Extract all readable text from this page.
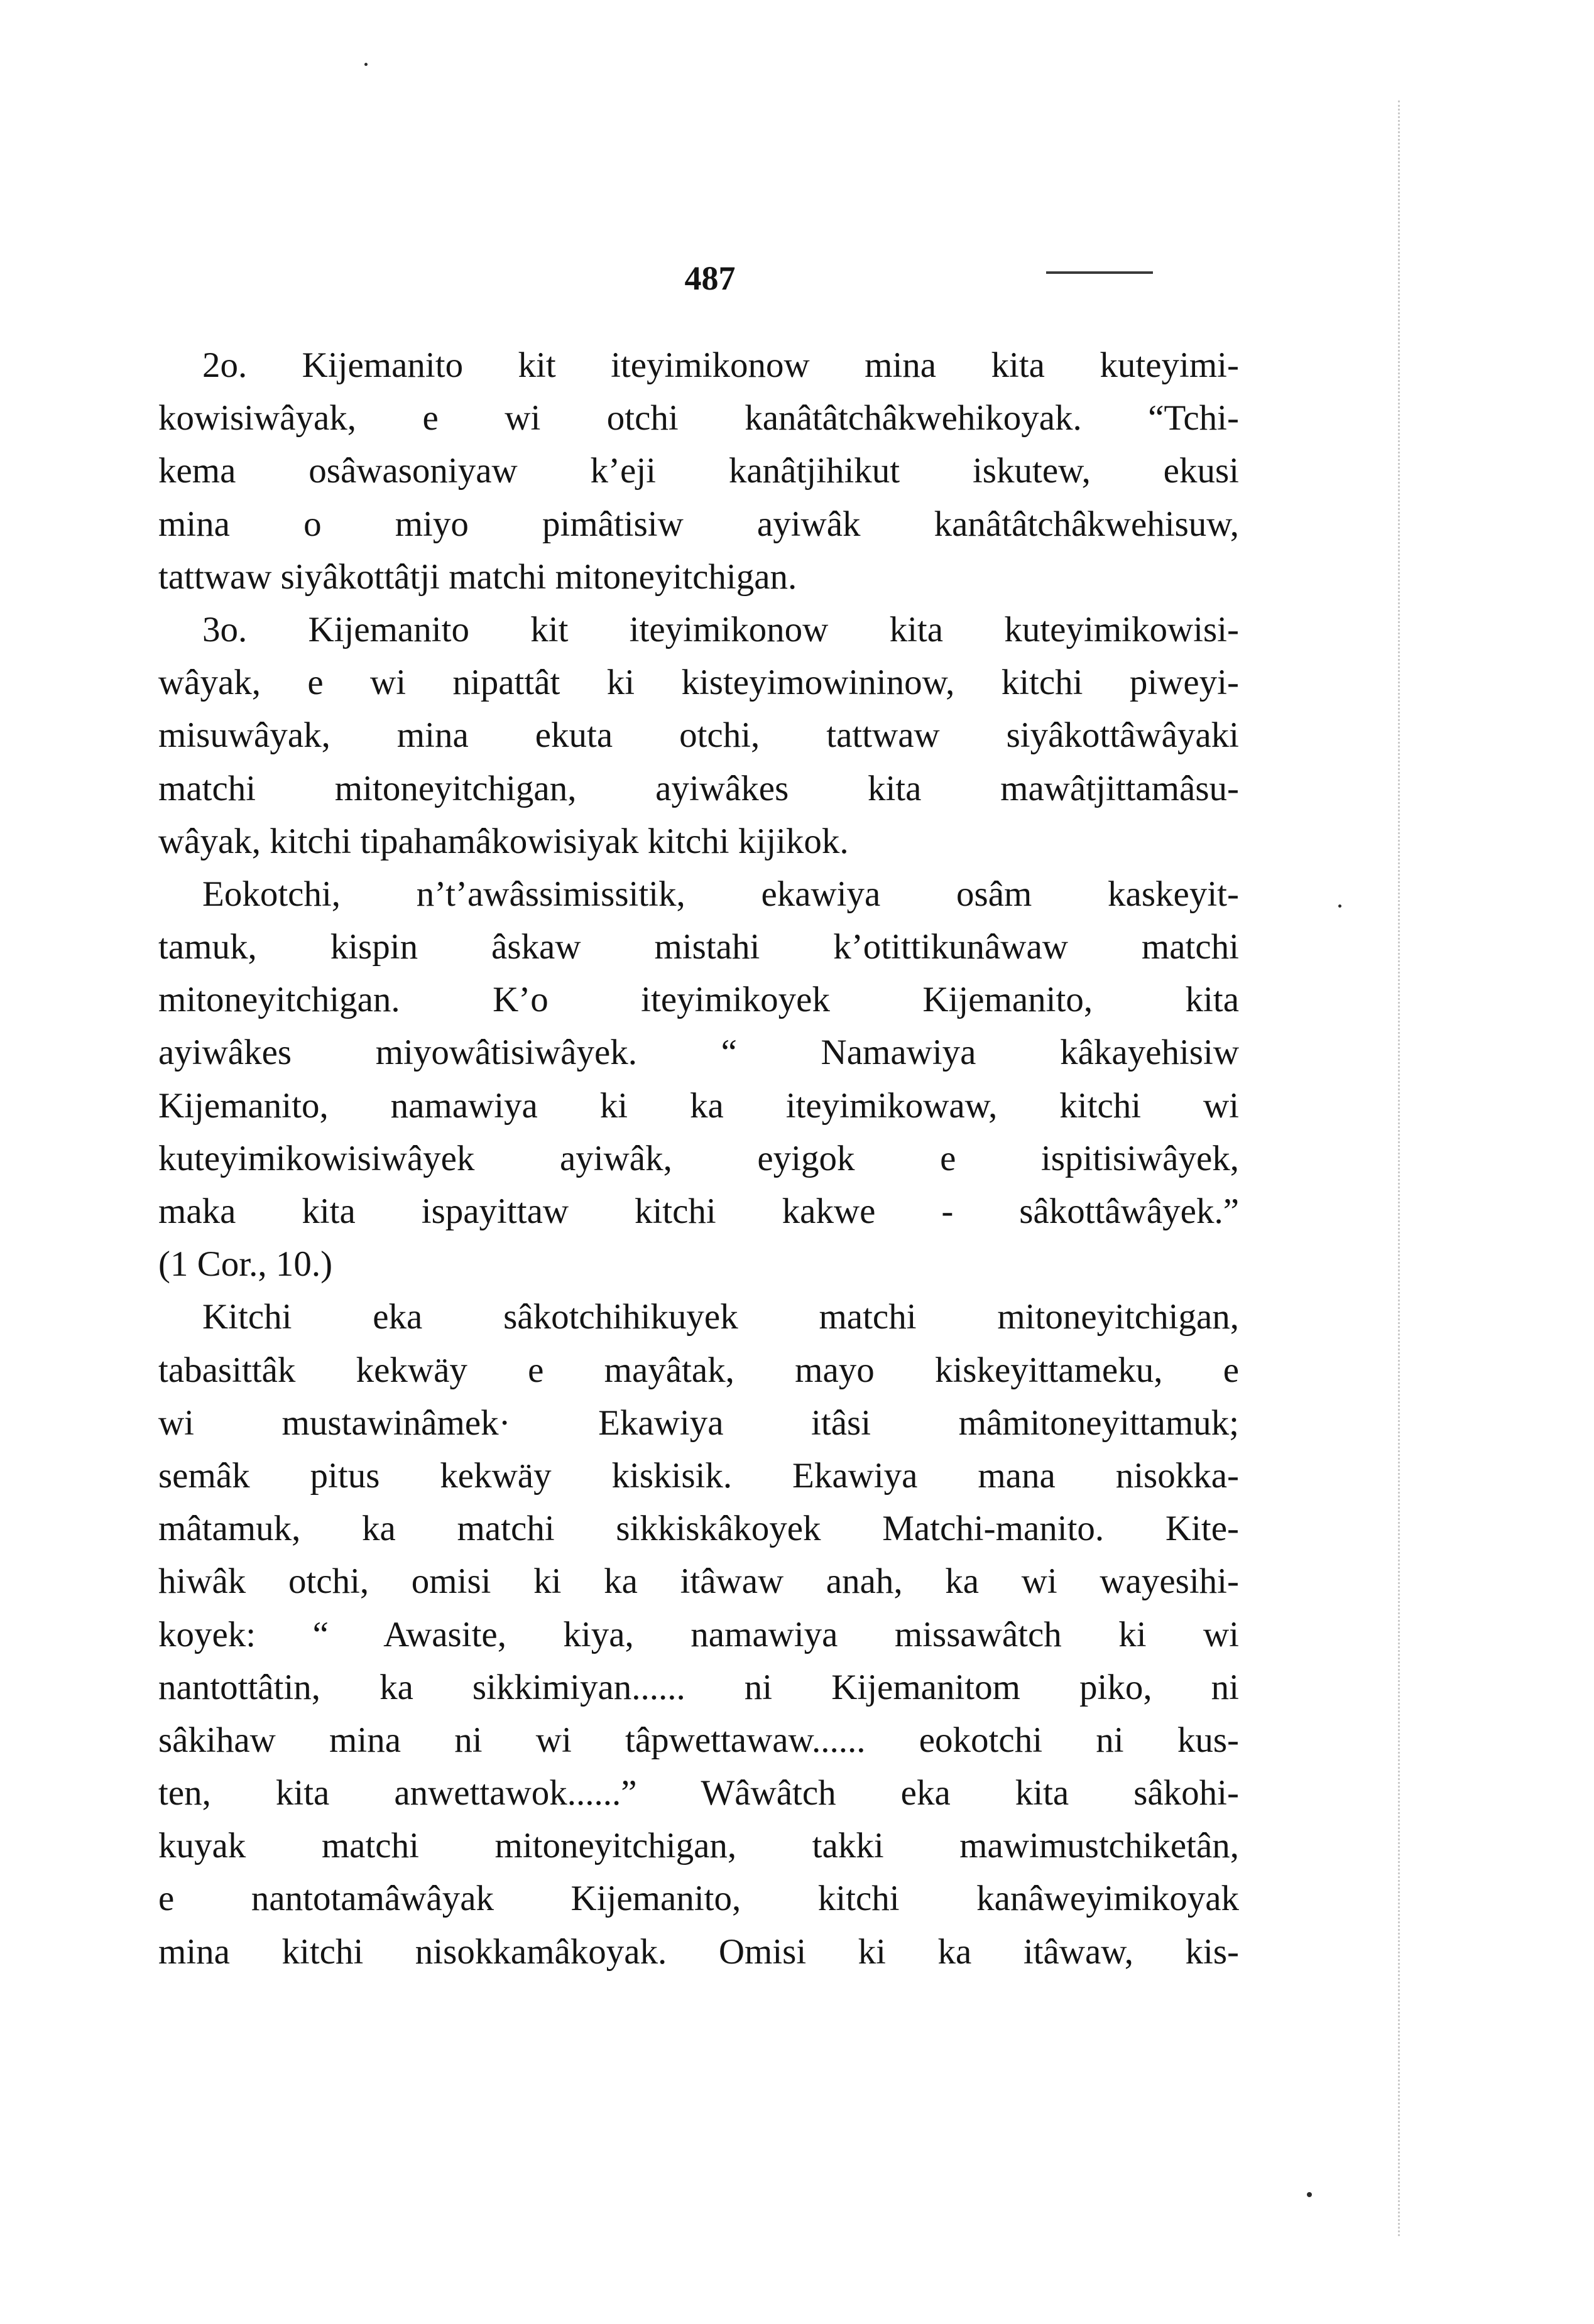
487
2o. Kijemanito kit iteyimikonow mina kita kuteyimi-
kowisiwâyak, e wi otchi kanâtâtchâkwehikoyak. “Tchi-
kema osâwasoniyaw k’eji kanâtjihikut iskutew, ekusi
mina o miyo pimâtisiw ayiwâk kanâtâtchâkwehisuw,
tattwaw siyâkottâtji matchi mitoneyitchigan.
3o. Kijemanito kit iteyimikonow kita kuteyimikowisi-
wâyak, e wi nipattât ki kisteyimowininow, kitchi piweyi-
misuwâyak, mina ekuta otchi, tattwaw siyâkottâwâyaki
matchi mitoneyitchigan, ayiwâkes kita mawâtjittamâsu-
wâyak, kitchi tipahamâkowisiyak kitchi kijikok.
Eokotchi, n’t’awâssimissitik, ekawiya osâm kaskeyit-
tamuk, kispin âskaw mistahi k’otittikunâwaw matchi
mitoneyitchigan. K’o iteyimikoyek Kijemanito, kita
ayiwâkes miyowâtisiwâyek. “ Namawiya kâkayehisiw
Kijemanito, namawiya ki ka iteyimikowaw, kitchi wi
kuteyimikowisiwâyek ayiwâk, eyigok e ispitisiwâyek,
maka kita ispayittaw kitchi kakwe - sâkottâwâyek.”
(1 Cor., 10.)
Kitchi eka sâkotchihikuyek matchi mitoneyitchigan,
tabasittâk kekwäy e mayâtak, mayo kiskeyittameku, e
wi mustawinâmek· Ekawiya itâsi mâmitoneyittamuk;
semâk pitus kekwäy kiskisik. Ekawiya mana nisokka-
mâtamuk, ka matchi sikkiskâkoyek Matchi-manito. Kite-
hiwâk otchi, omisi ki ka itâwaw anah, ka wi wayesihi-
koyek: “ Awasite, kiya, namawiya missawâtch ki wi
nantottâtin, ka sikkimiyan...... ni Kijemanitom piko, ni
sâkihaw mina ni wi tâpwettawaw...... eokotchi ni kus-
ten, kita anwettawok......” Wâwâtch eka kita sâkohi-
kuyak matchi mitoneyitchigan, takki mawimustchiketân,
e nantotamâwâyak Kijemanito, kitchi kanâweyimikoyak
mina kitchi nisokkamâkoyak. Omisi ki ka itâwaw, kis-
